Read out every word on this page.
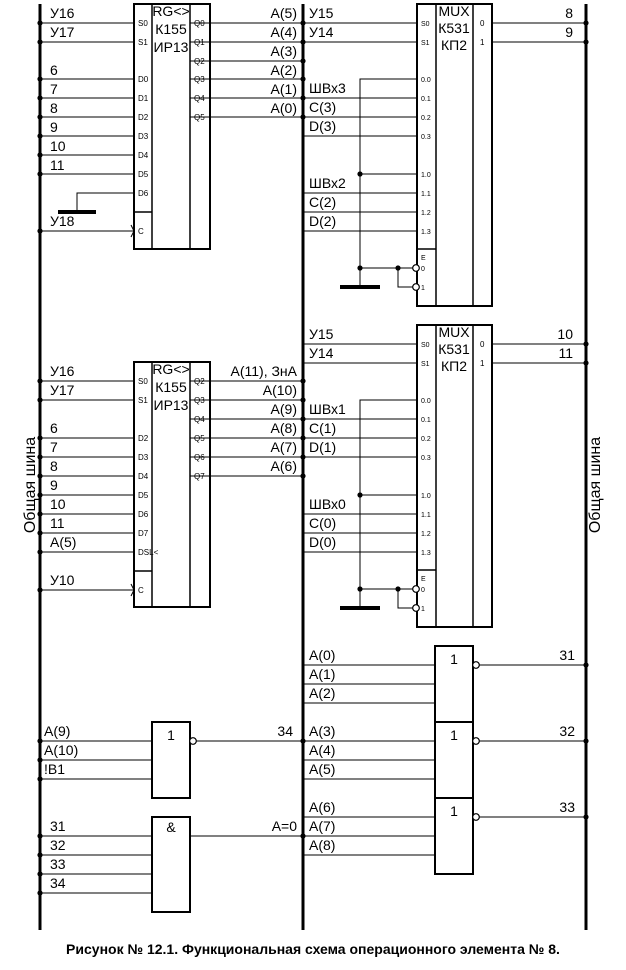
RG<>
К155
ИР13
S0
S1
D0
D1
D2
D3
D4
D5
D6
C
Q0
Q1
Q2
Q3
Q4
Q5
У16
У17
6
7
8
9
10
11
У18
A(5)
A(4)
A(3)
A(2)
A(1)
A(0)
RG<>
К155
ИР13
S0
S1
D2
D3
D4
D5
D6
D7
DSL<
C
Q2
Q3
Q4
Q5
Q6
Q7
У16
У17
6
7
8
9
10
11
A(5)
У10
A(11), ЗнА
A(10)
A(9)
A(8)
A(7)
A(6)
MUX
К531
КП2
S0
S1
0.0
0.1
0.2
0.3
1.0
1.1
1.2
1.3
E
0
1
0
1
У15
У14
ШВх3
C(3)
D(3)
ШВх2
C(2)
D(2)
8
9
MUX
К531
КП2
S0
S1
0.0
0.1
0.2
0.3
1.0
1.1
1.2
1.3
E
0
1
0
1
У15
У14
ШВх1
C(1)
D(1)
ШВх0
C(0)
D(0)
10
11
1
A(0)
A(1)
A(2)
31
1
A(3)
A(4)
A(5)
32
1
A(6)
A(7)
A(8)
33
1
A(9)
A(10)
!B1
34
&
31
32
33
34
A=0
Общая шина	Общая шина
Рисунок № 12.1. Функциональная схема операционного элемента № 8.
